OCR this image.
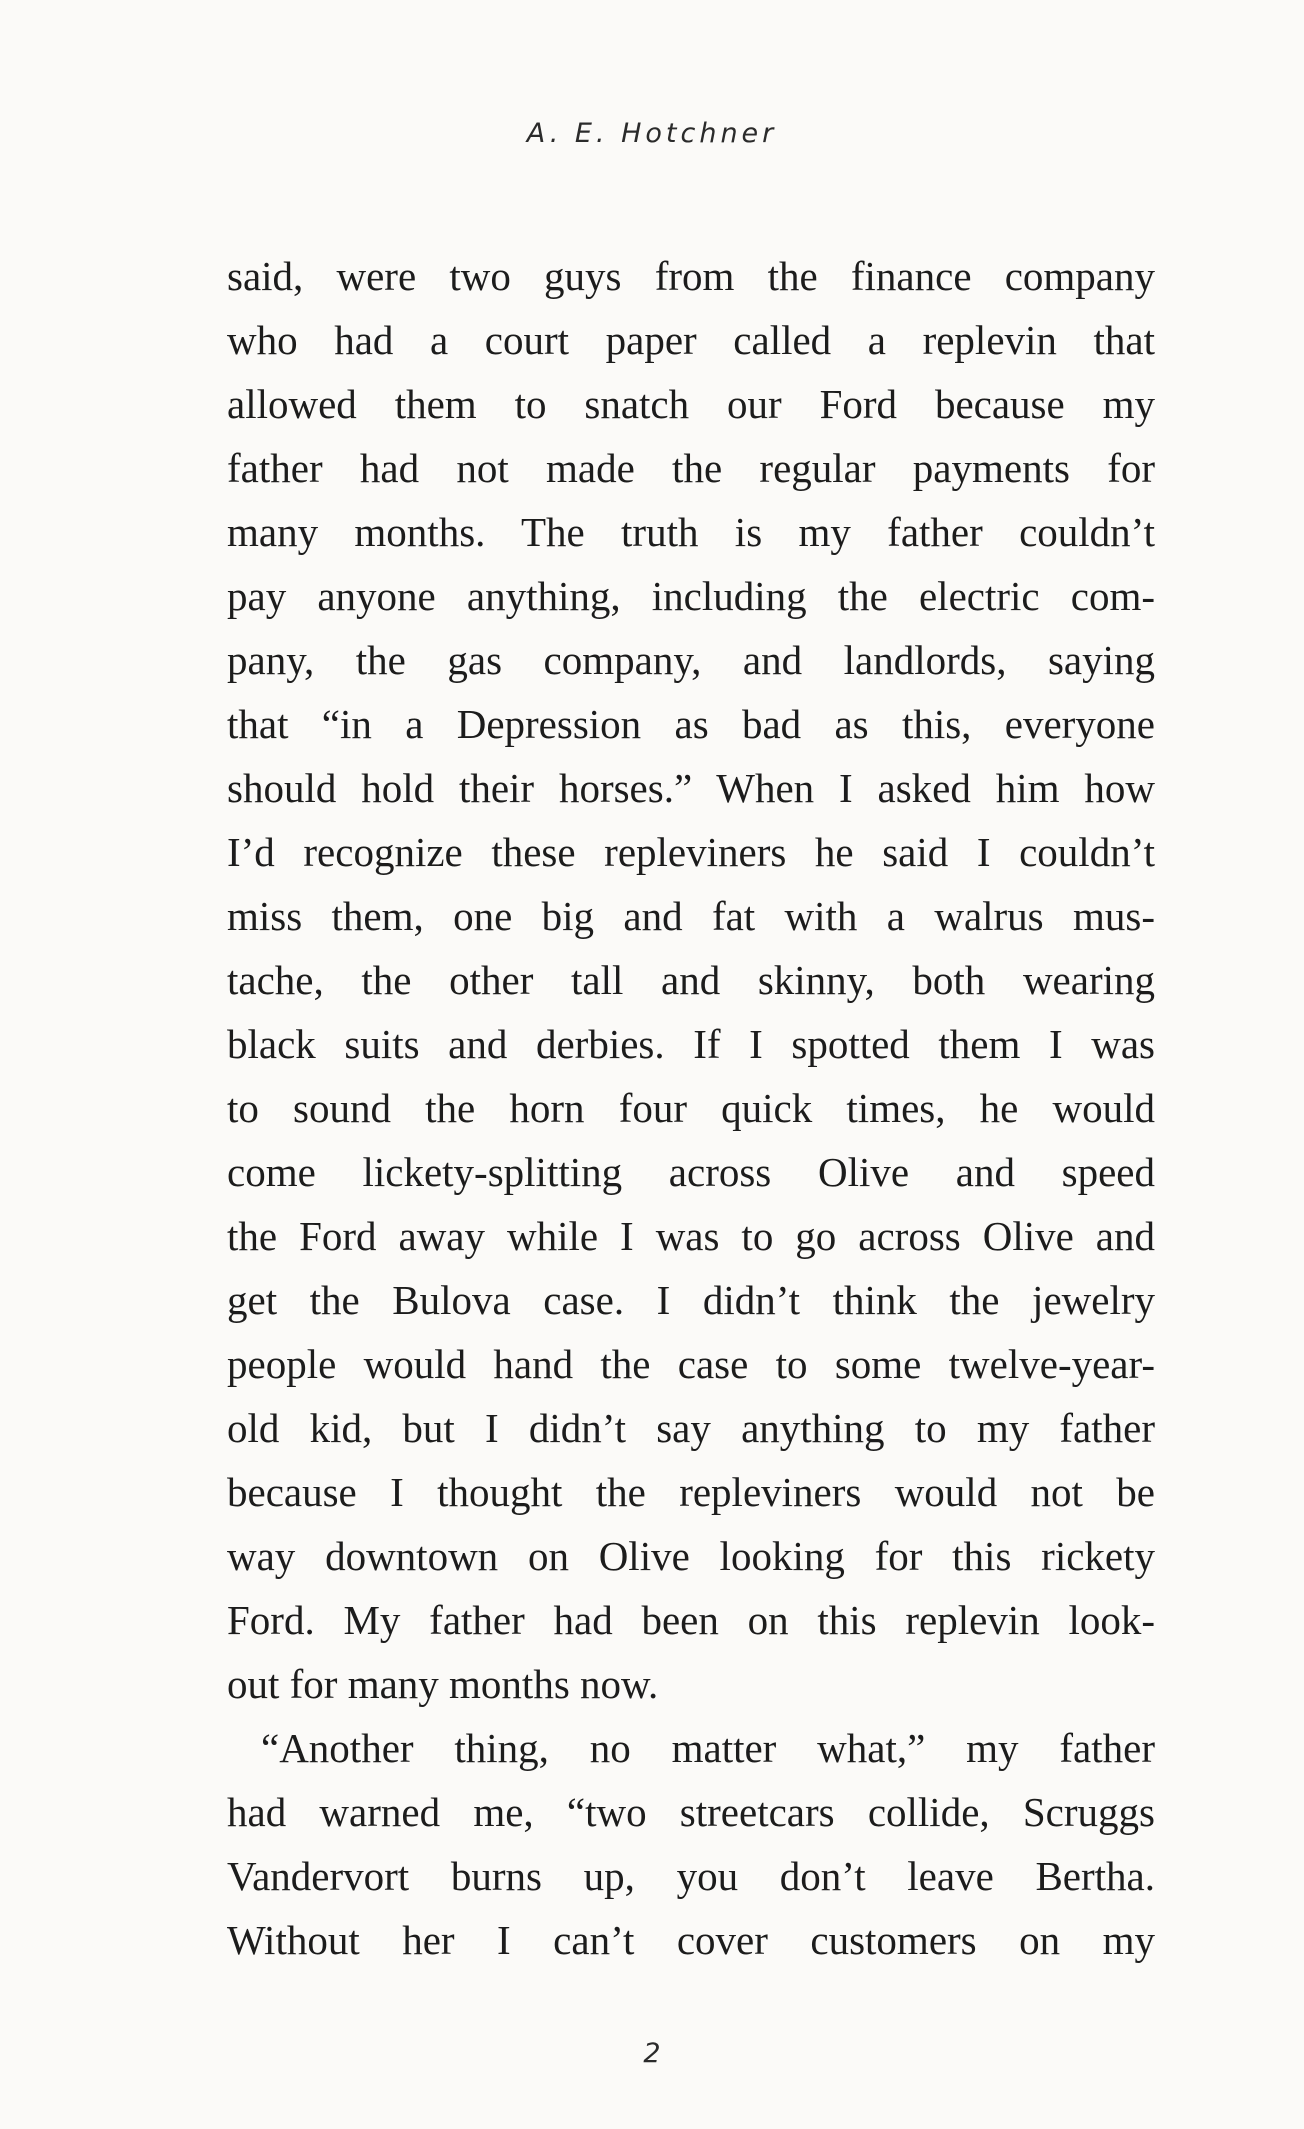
A. E. Hotchner
said, were two guys from the finance company
who had a court paper called a replevin that
allowed them to snatch our Ford because my
father had not made the regular payments for
many months. The truth is my father couldn’t
pay anyone anything, including the electric com-
pany, the gas company, and landlords, saying
that “in a Depression as bad as this, everyone
should hold their horses.” When I asked him how
I’d recognize these repleviners he said I couldn’t
miss them, one big and fat with a walrus mus-
tache, the other tall and skinny, both wearing
black suits and derbies. If I spotted them I was
to sound the horn four quick times, he would
come lickety-splitting across Olive and speed
the Ford away while I was to go across Olive and
get the Bulova case. I didn’t think the jewelry
people would hand the case to some twelve-year-
old kid, but I didn’t say anything to my father
because I thought the repleviners would not be
way downtown on Olive looking for this rickety
Ford. My father had been on this replevin look-
out for many months now.
“Another thing, no matter what,” my father
had warned me, “two streetcars collide, Scruggs
Vandervort burns up, you don’t leave Bertha.
Without her I can’t cover customers on my
2
